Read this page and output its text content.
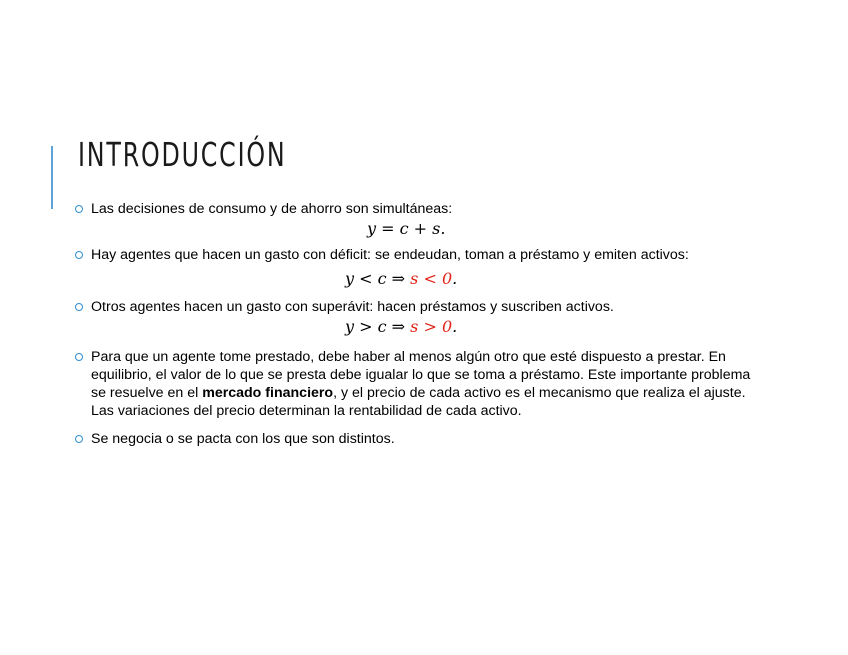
INTRODUCCIÓN

Las decisiones de consumo y de ahorro son simultáneas:

y = c + s.

Hay agentes que hacen un gasto con déficit: se endeudan, toman a préstamo y emiten activos:

y < c ⇒ s < 0.

Otros agentes hacen un gasto con superávit: hacen préstamos y suscriben activos.

y > c ⇒ s > 0.

Para que un agente tome prestado, debe haber al menos algún otro que esté dispuesto a prestar. En equilibrio, el valor de lo que se presta debe igualar lo que se toma a préstamo. Este importante problema se resuelve en el mercado financiero, y el precio de cada activo es el mecanismo que realiza el ajuste. Las variaciones del precio determinan la rentabilidad de cada activo.

Se negocia o se pacta con los que son distintos.
